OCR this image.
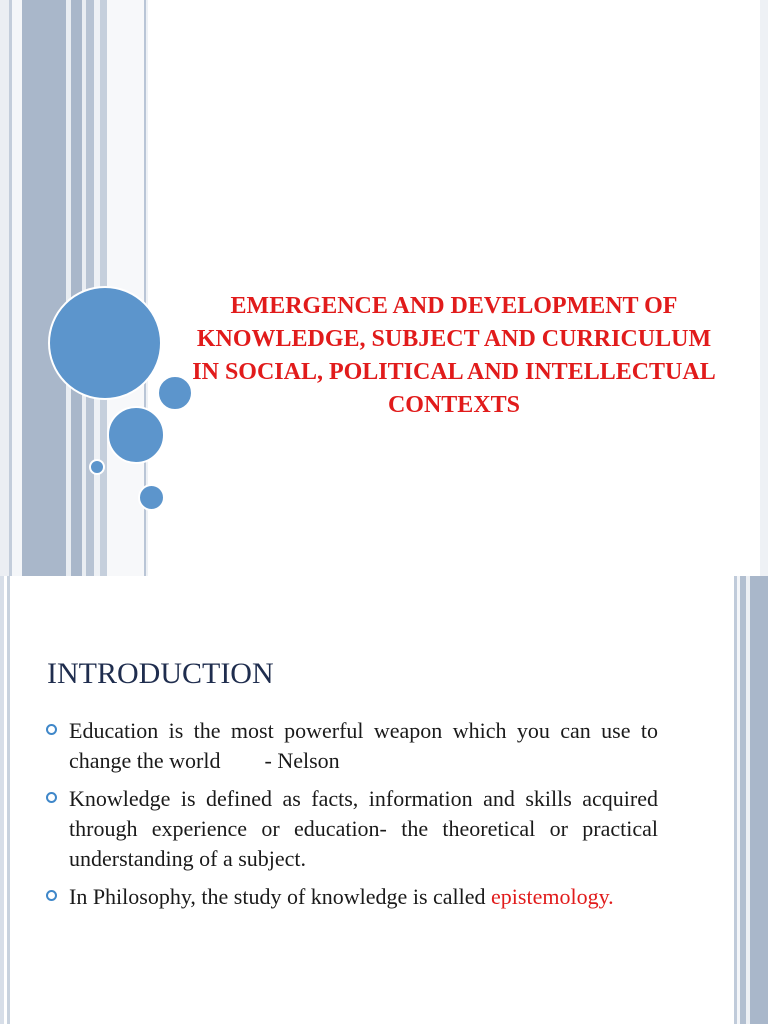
EMERGENCE AND DEVELOPMENT OF KNOWLEDGE, SUBJECT AND CURRICULUM IN SOCIAL, POLITICAL AND INTELLECTUAL CONTEXTS
INTRODUCTION
Education is the most powerful weapon which you can use to change the world - Nelson
Knowledge is defined as facts, information and skills acquired through experience or education- the theoretical or practical understanding of a subject.
In Philosophy, the study of knowledge is called epistemology.
